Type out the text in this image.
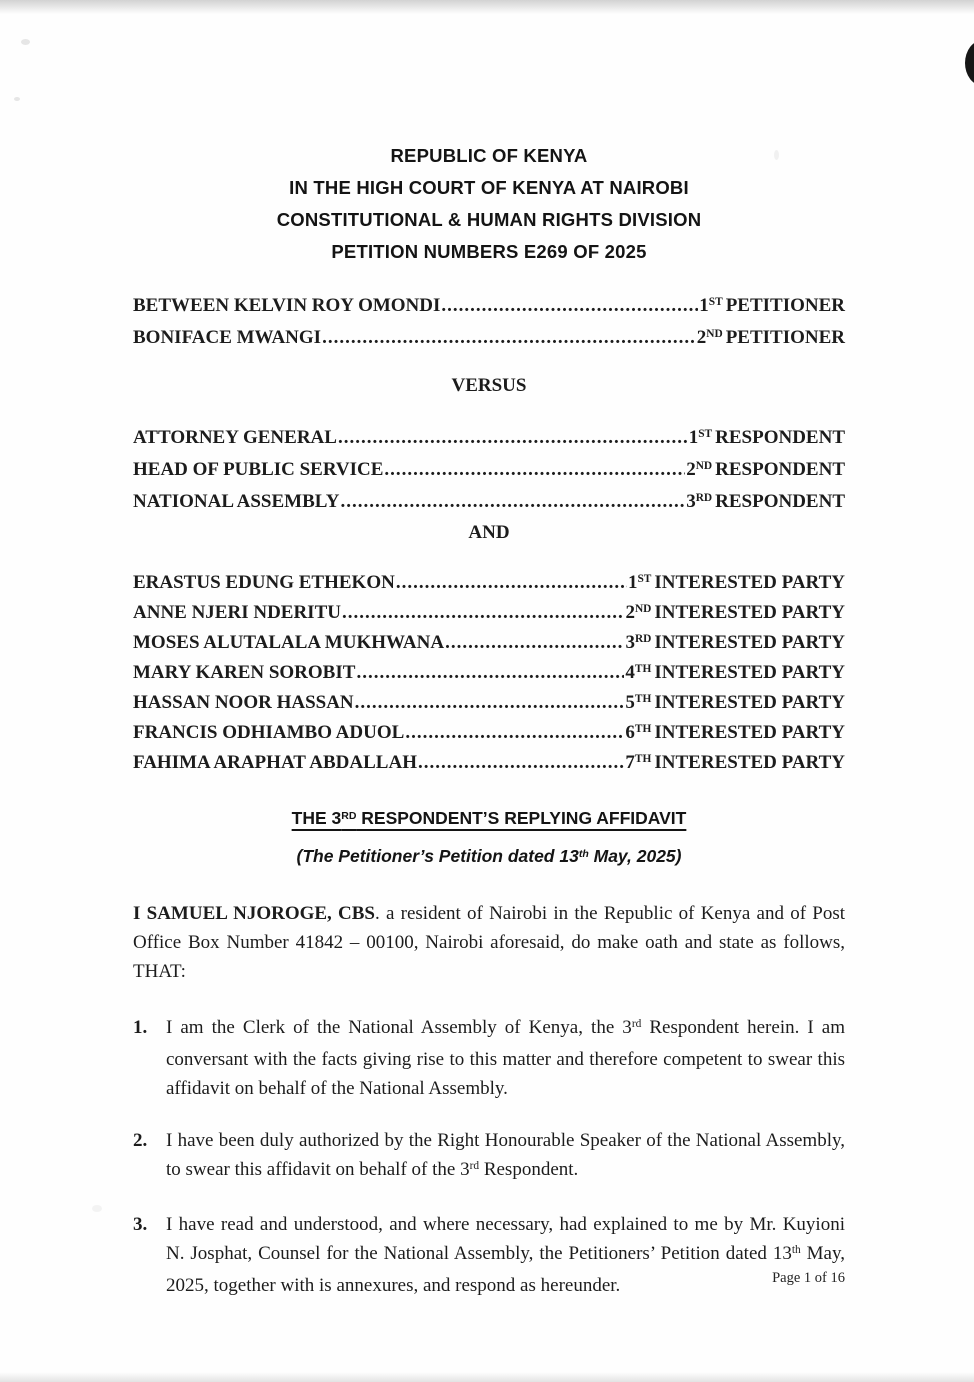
REPUBLIC OF KENYA
IN THE HIGH COURT OF KENYA AT NAIROBI
CONSTITUTIONAL & HUMAN RIGHTS DIVISION
PETITION NUMBERS E269 OF 2025
BETWEEN KELVIN ROY OMONDI .....	1ST PETITIONER
BONIFACE MWANGI .....	2ND PETITIONER
VERSUS
ATTORNEY GENERAL .....	1ST RESPONDENT
HEAD OF PUBLIC SERVICE .....	2ND RESPONDENT
NATIONAL ASSEMBLY .....	3RD RESPONDENT
AND
ERASTUS EDUNG ETHEKON .....	1ST INTERESTED PARTY
ANNE NJERI NDERITU .....	2ND INTERESTED PARTY
MOSES ALUTALALA MUKHWANA .....	3RD INTERESTED PARTY
MARY KAREN SOROBIT .....	4TH INTERESTED PARTY
HASSAN NOOR HASSAN .....	5TH INTERESTED PARTY
FRANCIS ODHIAMBO ADUOL .....	6TH INTERESTED PARTY
FAHIMA ARAPHAT ABDALLAH .....	7TH INTERESTED PARTY
THE 3RD RESPONDENT’S REPLYING AFFIDAVIT
(The Petitioner’s Petition dated 13th May, 2025)

I SAMUEL NJOROGE, CBS. a resident of Nairobi in the Republic of Kenya and of Post Office Box Number 41842 – 00100, Nairobi aforesaid, do make oath and state as follows, THAT:

1. I am the Clerk of the National Assembly of Kenya, the 3rd Respondent herein. I am conversant with the facts giving rise to this matter and therefore competent to swear this affidavit on behalf of the National Assembly.

2. I have been duly authorized by the Right Honourable Speaker of the National Assembly, to swear this affidavit on behalf of the 3rd Respondent.

3. I have read and understood, and where necessary, had explained to me by Mr. Kuyioni N. Josphat, Counsel for the National Assembly, the Petitioners’ Petition dated 13th May, 2025, together with is annexures, and respond as hereunder.	Page 1 of 16
